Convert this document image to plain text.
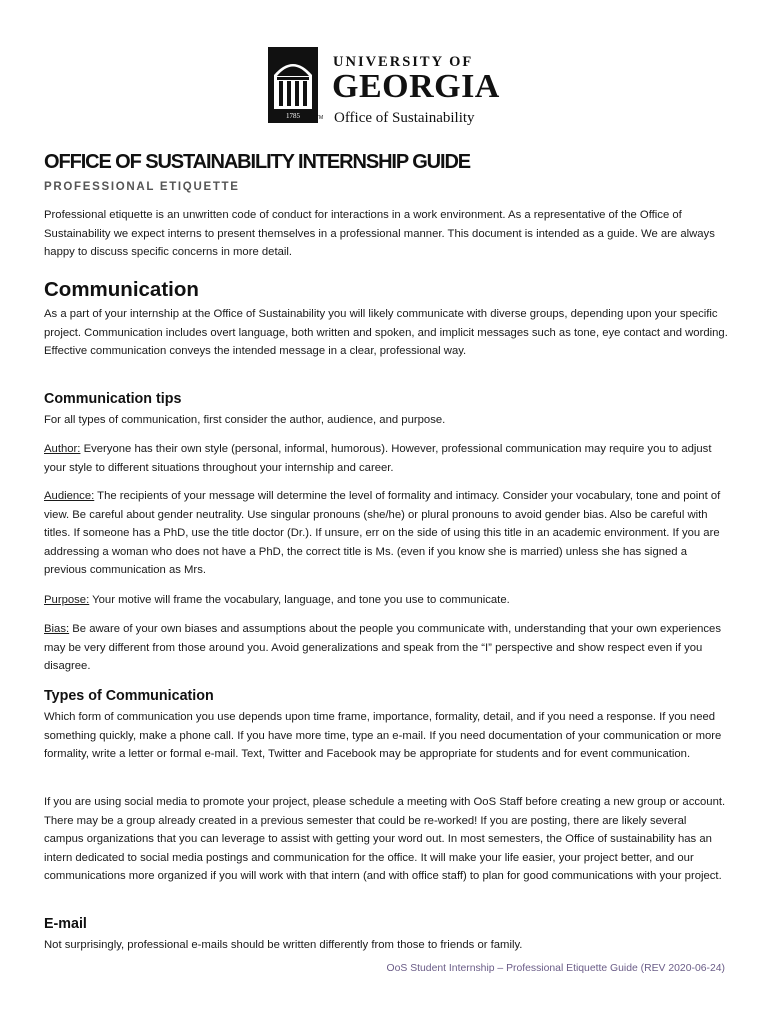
1785	TM
UNIVERSITY OF
GEORGIA
Office of Sustainability
OFFICE OF SUSTAINABILITY INTERNSHIP GUIDE
PROFESSIONAL ETIQUETTE

Professional etiquette is an unwritten code of conduct for interactions in a work environment. As a representative of the Office of Sustainability we expect interns to present themselves in a professional manner. This document is intended as a guide. We are always happy to discuss specific concerns in more detail.

Communication

As a part of your internship at the Office of Sustainability you will likely communicate with diverse groups, depending upon your specific project. Communication includes overt language, both written and spoken, and implicit messages such as tone, eye contact and wording. Effective communication conveys the intended message in a clear, professional way.

Communication tips

For all types of communication, first consider the author, audience, and purpose.

Author: Everyone has their own style (personal, informal, humorous). However, professional communication may require you to adjust your style to different situations throughout your internship and career.

Audience: The recipients of your message will determine the level of formality and intimacy. Consider your vocabulary, tone and point of view. Be careful about gender neutrality. Use singular pronouns (she/he) or plural pronouns to avoid gender bias. Also be careful with titles. If someone has a PhD, use the title doctor (Dr.). If unsure, err on the side of using this title in an academic environment. If you are addressing a woman who does not have a PhD, the correct title is Ms. (even if you know she is married) unless she has signed a previous communication as Mrs.

Purpose: Your motive will frame the vocabulary, language, and tone you use to communicate.

Bias: Be aware of your own biases and assumptions about the people you communicate with, understanding that your own experiences may be very different from those around you. Avoid generalizations and speak from the “I” perspective and show respect even if you disagree.

Types of Communication

Which form of communication you use depends upon time frame, importance, formality, detail, and if you need a response. If you need something quickly, make a phone call. If you have more time, type an e-mail. If you need documentation of your communication or more formality, write a letter or formal e-mail. Text, Twitter and Facebook may be appropriate for students and for event communication.

If you are using social media to promote your project, please schedule a meeting with OoS Staff before creating a new group or account. There may be a group already created in a previous semester that could be re-worked! If you are posting, there are likely several campus organizations that you can leverage to assist with getting your word out. In most semesters, the Office of sustainability has an intern dedicated to social media postings and communication for the office. It will make your life easier, your project better, and our communications more organized if you will work with that intern (and with office staff) to plan for good communications with your project.

E-mail

Not surprisingly, professional e-mails should be written differently from those to friends or family.

OoS Student Internship – Professional Etiquette Guide (REV 2020-06-24)
